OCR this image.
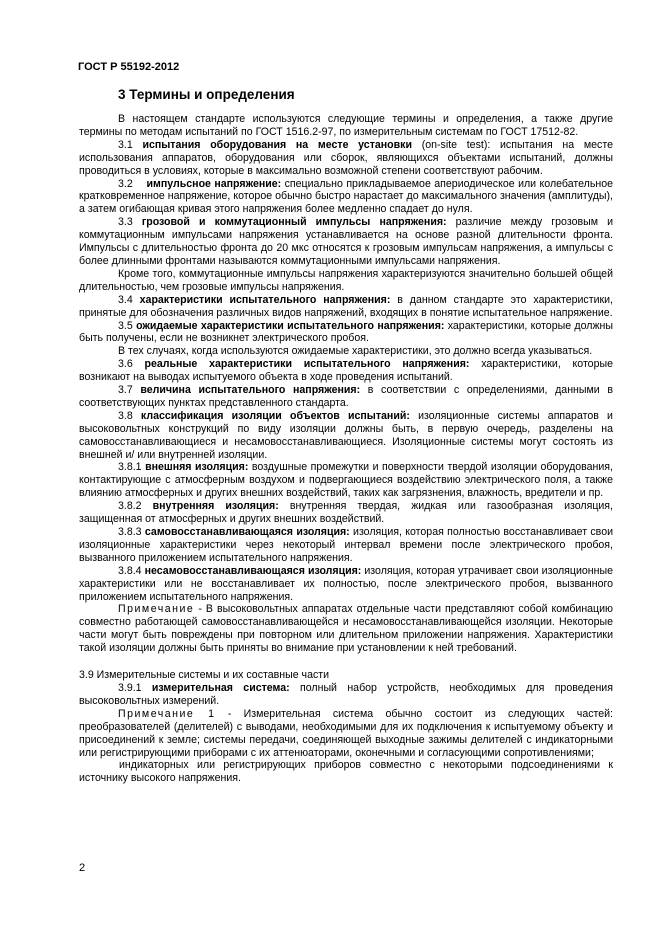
ГОСТ Р 55192-2012
3 Термины и определения

В настоящем стандарте используются следующие термины и определения, а также другие термины по методам испытаний по ГОСТ 1516.2-97, по измерительным системам по ГОСТ 17512-82.

3.1 испытания оборудования на месте установки (on-site test): испытания на месте использования аппаратов, оборудования или сборок, являющихся объектами испытаний, должны проводиться в условиях, которые в максимально возможной степени соответствуют рабочим.

3.2 импульсное напряжение: специально прикладываемое апериодическое или колебательное кратковременное напряжение, которое обычно быстро нарастает до максимального значения (амплитуды), а затем огибающая кривая этого напряжения более медленно спадает до нуля.

3.3 грозовой и коммутационный импульсы напряжения: различие между грозовым и коммутационным импульсами напряжения устанавливается на основе разной длительности фронта. Импульсы с длительностью фронта до 20 мкс относятся к грозовым импульсам напряжения, а импульсы с более длинными фронтами называются коммутационными импульсами напряжения.

Кроме того, коммутационные импульсы напряжения характеризуются значительно большей общей длительностью, чем грозовые импульсы напряжения.

3.4 характеристики испытательного напряжения: в данном стандарте это характеристики, принятые для обозначения различных видов напряжений, входящих в понятие испытательное напряжение.

3.5 ожидаемые характеристики испытательного напряжения: характеристики, которые должны быть получены, если не возникнет электрического пробоя.

В тех случаях, когда используются ожидаемые характеристики, это должно всегда указываться.

3.6 реальные характеристики испытательного напряжения: характеристики, которые возникают на выводах испытуемого объекта в ходе проведения испытаний.

3.7 величина испытательного напряжения: в соответствии с определениями, данными в соответствующих пунктах представленного стандарта.

3.8 классификация изоляции объектов испытаний: изоляционные системы аппаратов и высоковольтных конструкций по виду изоляции должны быть, в первую очередь, разделены на самовосстанавливающиеся и несамовосстанавливающиеся. Изоляционные системы могут состоять из внешней и/ или внутренней изоляции.

3.8.1 внешняя изоляция: воздушные промежутки и поверхности твердой изоляции оборудования, контактирующие с атмосферным воздухом и подвергающиеся воздействию электрического поля, а также влиянию атмосферных и других внешних воздействий, таких как загрязнения, влажность, вредители и пр.

3.8.2 внутренняя изоляция: внутренняя твердая, жидкая или газообразная изоляция, защищенная от атмосферных и других внешних воздействий.

3.8.3 самовосстанавливающаяся изоляция: изоляция, которая полностью восстанавливает свои изоляционные характеристики через некоторый интервал времени после электрического пробоя, вызванного приложением испытательного напряжения.

3.8.4 несамовосстанавливающаяся изоляция: изоляция, которая утрачивает свои изоляционные характеристики или не восстанавливает их полностью, после электрического пробоя, вызванного приложением испытательного напряжения.

Примечание - В высоковольтных аппаратах отдельные части представляют собой комбинацию совместно работающей самовосстанавливающейся и несамовосстанавливающейся изоляции. Некоторые части могут быть повреждены при повторном или длительном приложении напряжения. Характеристики такой изоляции должны быть приняты во внимание при установлении к ней требований.

3.9 Измерительные системы и их составные части

3.9.1 измерительная система: полный набор устройств, необходимых для проведения высоковольтных измерений.

Примечание 1 - Измерительная система обычно состоит из следующих частей: преобразователей (делителей) с выводами, необходимыми для их подключения к испытуемому объекту и присоединений к земле; системы передачи, соединяющей выходные зажимы делителей с индикаторными или регистрирующими приборами с их аттенюаторами, оконечными и согласующими сопротивлениями;

индикаторных или регистрирующих приборов совместно с некоторыми подсоединениями к источнику высокого напряжения.

2
